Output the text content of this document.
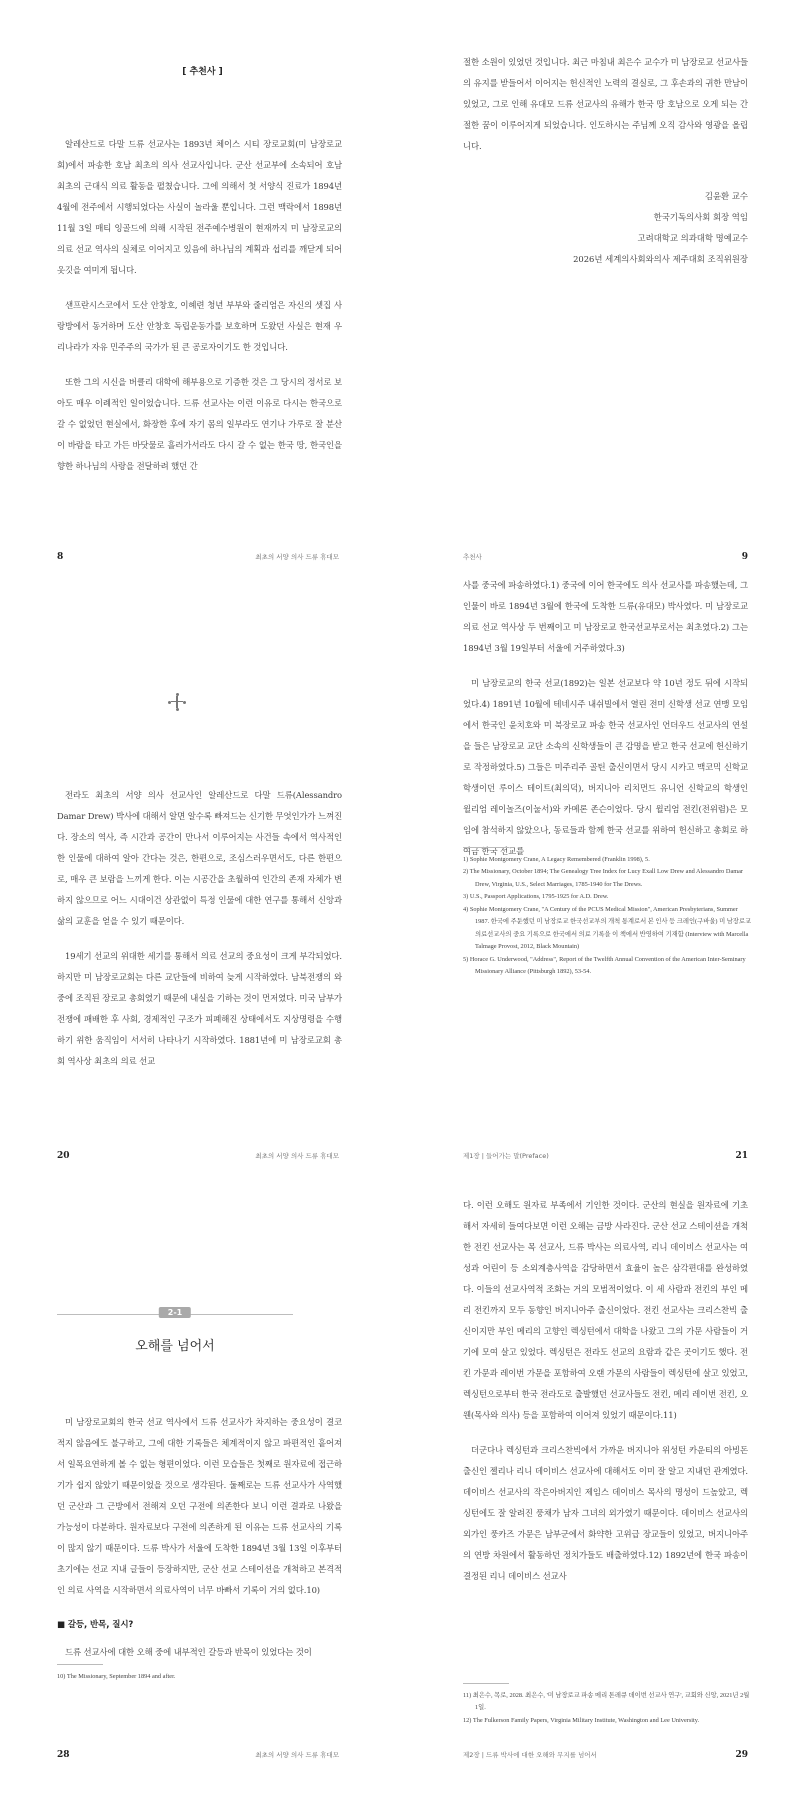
[ 추천사 ]

알레산드로 다말 드류 선교사는 1893년 체이스 시티 장로교회(미 남장로교회)에서 파송한 호남 최초의 의사 선교사입니다. 군산 선교부에 소속되어 호남 최초의 근대식 의료 활동을 펼쳤습니다. 그에 의해서 첫 서양식 진료가 1894년 4월에 전주에서 시행되었다는 사실이 놀라울 뿐입니다. 그런 맥락에서 1898년 11월 3일 매티 잉골드에 의해 시작된 전주예수병원이 현재까지 미 남장로교의 의료 선교 역사의 실체로 이어지고 있음에 하나님의 계획과 섭리를 깨닫게 되어 옷깃을 여미게 됩니다.

샌프란시스코에서 도산 안창호, 이혜련 청년 부부와 줄리엄은 자신의 셋집 사랑방에서 동거하며 도산 안창호 독립운동가를 보호하며 도왔던 사실은 현재 우리나라가 자유 민주주의 국가가 된 큰 공로자이기도 한 것입니다.

또한 그의 시신을 버클리 대학에 해부용으로 기증한 것은 그 당시의 정서로 보아도 매우 이례적인 일이었습니다. 드류 선교사는 이런 이유로 다시는 한국으로 갈 수 없었던 현실에서, 화장한 후에 자기 몸의 일부라도 연기나 가루로 잘 분산이 바람을 타고 가든 바닷물로 흘러가서라도 다시 갈 수 없는 한국 땅, 한국인을 향한 하나님의 사랑을 전달하려 했던 간

8	최초의 서양 의사 드류 휴대모

절한 소원이 있었던 것입니다. 최근 마침내 최은수 교수가 미 남장로교 선교사들의 유지를 받들어서 이어지는 헌신적인 노력의 결실로, 그 후손과의 귀한 만남이 있었고, 그로 인해 유대모 드류 선교사의 유해가 한국 땅 호남으로 오게 되는 간절한 꿈이 이루어지게 되었습니다. 인도하시는 주님께 오직 감사와 영광을 올립니다.

김윤환 교수
한국기독의사회 회장 역임
고려대학교 의과대학 명예교수
2026년 세계의사회와의사 제주대회 조직위원장
추천사	9

전라도 최초의 서양 의사 선교사인 알레산드로 다말 드류(Alessandro Damar Drew) 박사에 대해서 알면 알수록 빠져드는 신기한 무엇인가가 느껴진다. 장소의 역사, 즉 시간과 공간이 만나서 이루어지는 사건들 속에서 역사적인 한 인물에 대하여 알아 간다는 것은, 한편으로, 조심스러우면서도, 다른 한편으로, 매우 큰 보람을 느끼게 한다. 이는 시공간을 초월하여 인간의 존재 자체가 변하지 않으므로 어느 시대이건 상관없이 특정 인물에 대한 연구를 통해서 신앙과 삶의 교훈을 얻을 수 있기 때문이다.

19세기 선교의 위대한 세기를 통해서 의료 선교의 중요성이 크게 부각되었다. 하지만 미 남장로교회는 다른 교단들에 비하여 늦게 시작하였다. 남북전쟁의 와중에 조직된 장로교 총회였기 때문에 내실을 기하는 것이 먼저였다. 미국 남부가 전쟁에 패배한 후 사회, 경제적인 구조가 피폐해진 상태에서도 지상명령을 수행하기 위한 움직임이 서서히 나타나기 시작하였다. 1881년에 미 남장로교회 총회 역사상 최초의 의료 선교

20	최초의 서양 의사 드류 휴대모

사를 중국에 파송하였다.1) 중국에 이어 한국에도 의사 선교사를 파송했는데, 그 인물이 바로 1894년 3월에 한국에 도착한 드류(유대모) 박사였다. 미 남장로교 의료 선교 역사상 두 번째이고 미 남장로교 한국선교부로서는 최초였다.2) 그는 1894년 3월 19일부터 서울에 거주하였다.3)

미 남장로교의 한국 선교(1892)는 일본 선교보다 약 10년 정도 뒤에 시작되었다.4) 1891년 10월에 테네시주 내쉬빌에서 열린 전미 신학생 선교 연맹 모임에서 한국인 윤치호와 미 북장로교 파송 한국 선교사인 언더우드 선교사의 연설을 들은 남장로교 교단 소속의 신학생들이 큰 감명을 받고 한국 선교에 헌신하기로 작정하였다.5) 그들은 미주리주 골틴 출신이면서 당시 시카고 맥코믹 신학교 학생이던 루이스 테이트(최의덕), 버지니아 리치먼드 유니언 신학교의 학생인 윌리엄 레이놀즈(이눌서)와 카메론 존슨이었다. 당시 윌리엄 전킨(전위렴)은 모임에 참석하지 않았으나, 동료들과 함께 한국 선교를 위하여 헌신하고 총회로 하여금 한국 선교를

1) Sophie Montgomery Crane, A Legacy Remembered (Franklin 1998), 5.
2) The Missionary, October 1894; The Genealogy Tree Index for Lucy Exall Low Drew and Alessandro Damar Drew, Virginia, U.S., Select Marriages, 1785-1940 for The Drews.
3) U.S., Passport Applications, 1795-1925 for A.D. Drew.
4) Sophie Montgomery Crane, "A Century of the PCUS Medical Mission", American Presbyterians, Summer 1987. 한국에 주둔했던 미 남장로교 한국선교부의 개척 통계로서 본 인사 등 크레인(구바울) 미 남장로교 의료선교사의 중요 기록으로 한국에서 의료 기록을 이 책에서 반영하여 기재함 (Interview with Marcella Talmage Provost, 2012, Black Mountain)
5) Horace G. Underwood, "Address", Report of the Twelfth Annual Convention of the American Inter-Seminary Missionary Alliance (Pittsburgh 1892), 53-54.
제1장 | 들어가는 말(Preface)	21
2-1
오해를 넘어서

미 남장로교회의 한국 선교 역사에서 드류 선교사가 차지하는 중요성이 결코 적지 않음에도 불구하고, 그에 대한 기록들은 체계적이지 않고 파편적인 흩어져서 일목요연하게 볼 수 없는 형편이었다. 이런 모습들은 첫째로 원자료에 접근하기가 쉽지 않았기 때문이었을 것으로 생각된다. 둘째로는 드류 선교사가 사역했던 군산과 그 근방에서 전해져 오던 구전에 의존한다 보니 이런 결과로 나왔을 가능성이 다분하다. 원자료보다 구전에 의존하게 된 이유는 드류 선교사의 기록이 많지 않기 때문이다. 드류 박사가 서울에 도착한 1894년 3월 13일 이후부터 초기에는 선교 지내 글들이 등장하지만, 군산 선교 스테이션을 개척하고 본격적인 의료 사역을 시작하면서 의료사역이 너무 바빠서 기록이 거의 없다.10)

■ 갈등, 반목, 질시?

드류 선교사에 대한 오해 중에 내부적인 갈등과 반목이 있었다는 것이

10) The Missionary, September 1894 and after.
28	최초의 서양 의사 드류 휴대모

다. 이런 오해도 원자료 부족에서 기인한 것이다. 군산의 현실을 원자료에 기초해서 자세히 들여다보면 이런 오해는 금방 사라진다. 군산 선교 스테이션을 개척한 전킨 선교사는 목 선교사, 드류 박사는 의료사역, 리니 데이비스 선교사는 여성과 어린이 등 소외계층사역을 감당하면서 효율이 높은 삼각편대를 완성하였다. 이들의 선교사역적 조화는 거의 모범적이었다. 이 세 사람과 전킨의 부인 메리 전킨까지 모두 동향인 버지니아주 출신이었다. 전킨 선교사는 크리스찬빅 출신이지만 부인 메리의 고향인 렉싱턴에서 대학을 나왔고 그의 가문 사람들이 거기에 모여 살고 있었다. 렉싱턴은 전라도 선교의 요람과 같은 곳이기도 했다. 전킨 가문과 레이번 가문을 포함하여 오랜 가문의 사람들이 렉싱턴에 살고 있었고, 렉싱턴으로부터 한국 전라도로 출발했던 선교사들도 전킨, 메리 레이번 전킨, 오웬(목사와 의사) 등을 포함하여 이어져 있었기 때문이다.11)

더군다나 렉싱턴과 크리스찬빅에서 가까운 버지니아 위성턴 카운티의 아빙돈 출신인 젤리나 리니 데이비스 선교사에 대해서도 이미 잘 알고 지내던 관계였다. 데이비스 선교사의 작은아버지인 제임스 데이비스 목사의 명성이 드높았고, 렉싱턴에도 잘 알려진 풍채가 남자 그녀의 외가였기 때문이다. 데이비스 선교사의 외가인 풍카즈 가문은 남부군에서 화약한 고위급 장교들이 있었고, 버지니아주의 연방 차원에서 활동하던 정치가들도 배출하였다.12) 1892년에 한국 파송이 결정된 리니 데이비스 선교사

11) 최은수, 목로, 2028. 최은수, '미 남장로교 파송 메리 톤레큐 데이번 선교사 연구', 교회와 신앙, 2021년 2월 1일.
12) The Fulkerson Family Papers, Virginia Military Institute, Washington and Lee University.
제2장 | 드류 박사에 대한 오해와 무지를 넘어서	29
